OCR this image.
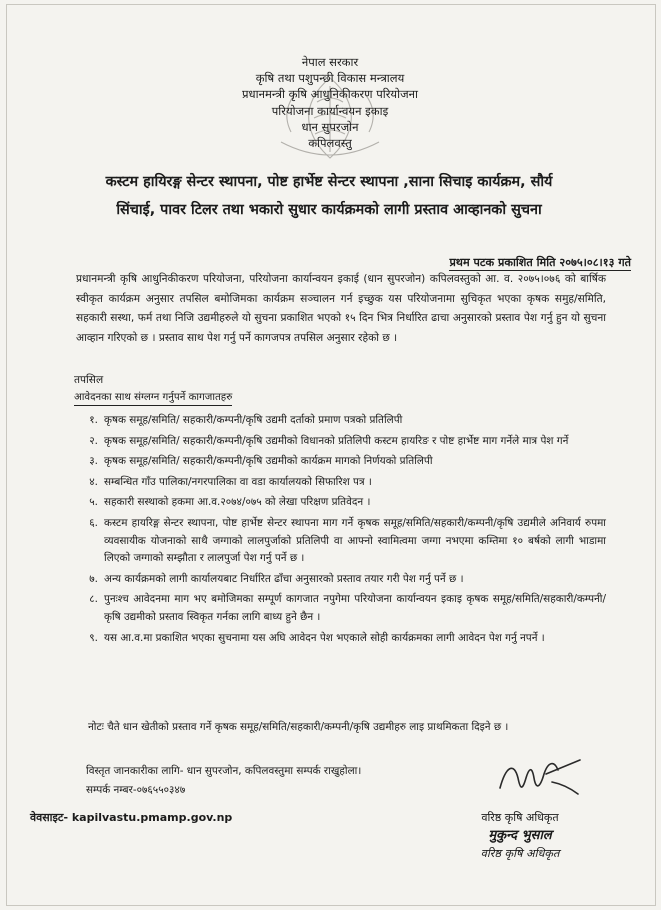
नेपाल सरकार
कृषि तथा पशुपन्छी विकास मन्त्रालय
प्रधानमन्त्री कृषि आधुनिकीकरण परियोजना
परियोजना कार्यान्वयन इकाइ
धान सुपरजोन
कपिलवस्तु
कस्टम हायिरङ्ग सेन्टर स्थापना, पोष्ट हार्भेष्ट सेन्टर स्थापना ,साना सिचाइ कार्यक्रम, सौर्य
सिंचाई, पावर टिलर तथा भकारो सुधार कार्यक्रमको लागी प्रस्ताव आव्हानको सुचना
प्रथम पटक प्रकाशित मिति २०७५।०८।१३ गते
प्रधानमन्त्री कृषि आधुनिकीकरण परियोजना, परियोजना कार्यान्वयन इकाई (धान सुपरजोन) कपिलवस्तुको आ. व. २०७५।०७६ को बार्षिक स्वीकृत कार्यक्रम अनुसार तपसिल बमोजिमका कार्यक्रम सञ्चालन गर्न इच्छुक यस परियोजनामा सुचिकृत भएका कृषक समुह/समिति, सहकारी सस्था, फर्म तथा निजि उद्यमीहरुले यो सुचना प्रकाशित भएको १५ दिन भित्र निर्धारित ढाचा अनुसारको प्रस्ताव पेश गर्नु हुन यो सुचना आव्हान गरिएको छ । प्रस्ताव साथ पेश गर्नु पर्ने कागजपत्र तपसिल अनुसार रहेको छ ।
तपसिल
आवेदनका साथ संग्लग्न गर्नुपर्ने कागजातहरु
१. कृषक समूह/समिति/ सहकारी/कम्पनी/कृषि उद्यमी दर्ताको प्रमाण पत्रको प्रतिलिपी
२. कृषक समूह/समिति/ सहकारी/कम्पनी/कृषि उद्यमीको विधानको प्रतिलिपी कस्टम हायरिङ र पोष्ट हार्भेष्ट माग गर्नेले मात्र पेश गर्ने
३. कृषक समूह/समिति/ सहकारी/कम्पनी/कृषि उद्यमीको कार्यक्रम मागको निर्णयको प्रतिलिपी
४. सम्बन्धित गाँउ पालिका/नगरपालिका वा वडा कार्यालयको सिफारिश पत्र ।
५. सहकारी सस्थाको हकमा आ.व.२०७४/०७५ को लेखा परिक्षण प्रतिवेदन ।
६. कस्टम हायरिङ्ग सेन्टर स्थापना, पोष्ट हार्भेष्ट सेन्टर स्थापना माग गर्ने कृषक समूह/समिति/सहकारी/कम्पनी/कृषि उद्यमीले अनिवार्य रुपमा व्यवसायीक योजनाको साथै जग्गाको लालपुर्जाको प्रतिलिपी वा आफ्नो स्वामित्वमा जग्गा नभएमा कम्तिमा १० बर्षको लागी भाडामा लिएको जग्गाको सम्झौता र लालपुर्जा पेश गर्नु पर्ने छ ।
७. अन्य कार्यक्रमको लागी कार्यालयबाट निर्धारित ढाँचा अनुसारको प्रस्ताव तयार गरी पेश गर्नु पर्ने छ ।
८. पुनःश्च आवेदनमा माग भए बमोजिमका सम्पूर्ण कागजात नपुगेमा परियोजना कार्यान्वयन इकाइ कृषक समूह/समिति/सहकारी/कम्पनी/कृषि उद्यमीको प्रस्ताव स्विकृत गर्नका लागि बाध्य हुने छैन ।
९. यस आ.व.मा प्रकाशित भएका सुचनामा यस अघि आवेदन पेश भएकाले सोही कार्यक्रमका लागी आवेदन पेश गर्नु नपर्ने ।
नोटः चैते धान खेतीको प्रस्ताव गर्ने कृषक समूह/समिति/सहकारी/कम्पनी/कृषि उद्यमीहरु लाइ प्राथमिकता दिइने छ ।
विस्तृत जानकारीका लागि- धान सुपरजोन, कपिलवस्तुमा सम्पर्क राखुहोला।
सम्पर्क नम्बर-०७६५५०३४७
वेवसाइट- kapilvastu.pmamp.gov.np	वरिष्ठ कृषि अधिकृत
मुकुन्द भुसाल
वरिष्ठ कृषि अधिकृत
